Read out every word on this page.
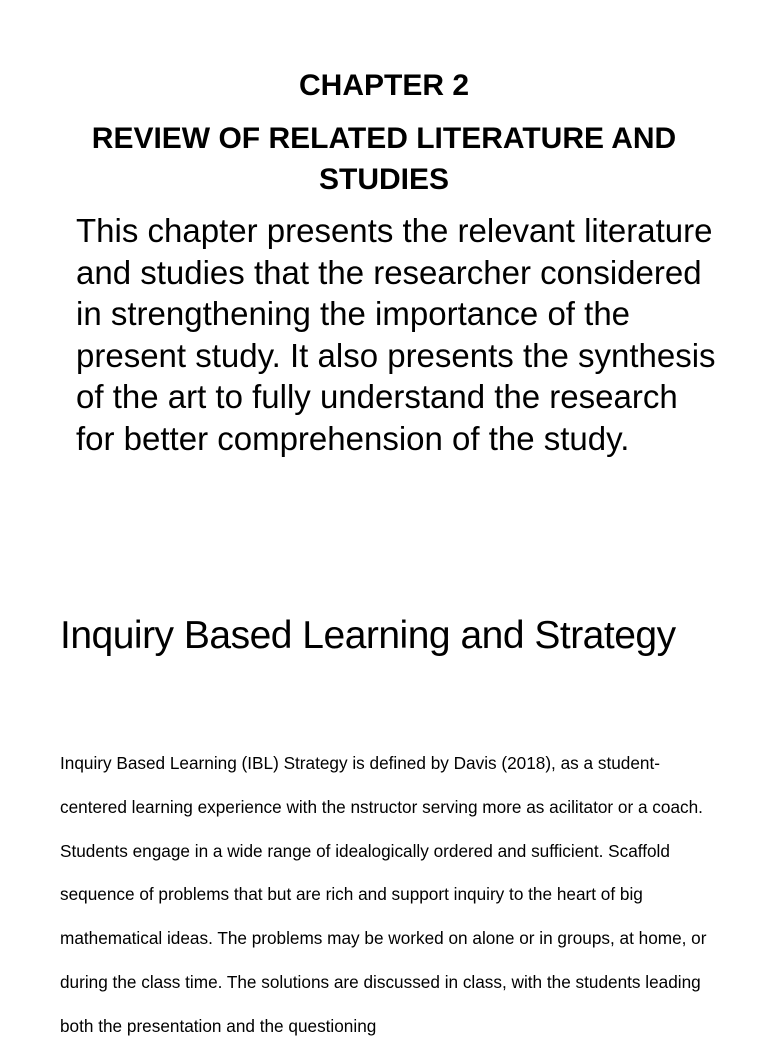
CHAPTER 2
REVIEW OF RELATED LITERATURE AND STUDIES

This chapter presents the relevant literature and studies that the researcher considered in strengthening the importance of the present study. It also presents the synthesis of the art to fully understand the research for better comprehension of the study.

Inquiry Based Learning and Strategy

Inquiry Based Learning (IBL) Strategy is defined by Davis (2018), as a student-centered learning experience with the nstructor serving more as acilitator or a coach. Students engage in a wide range of idealogically ordered and sufficient. Scaffold sequence of problems that but are rich and support inquiry to the heart of big mathematical ideas. The problems may be worked on alone or in groups, at home, or during the class time. The solutions are discussed in class, with the students leading both the presentation and the questioning
